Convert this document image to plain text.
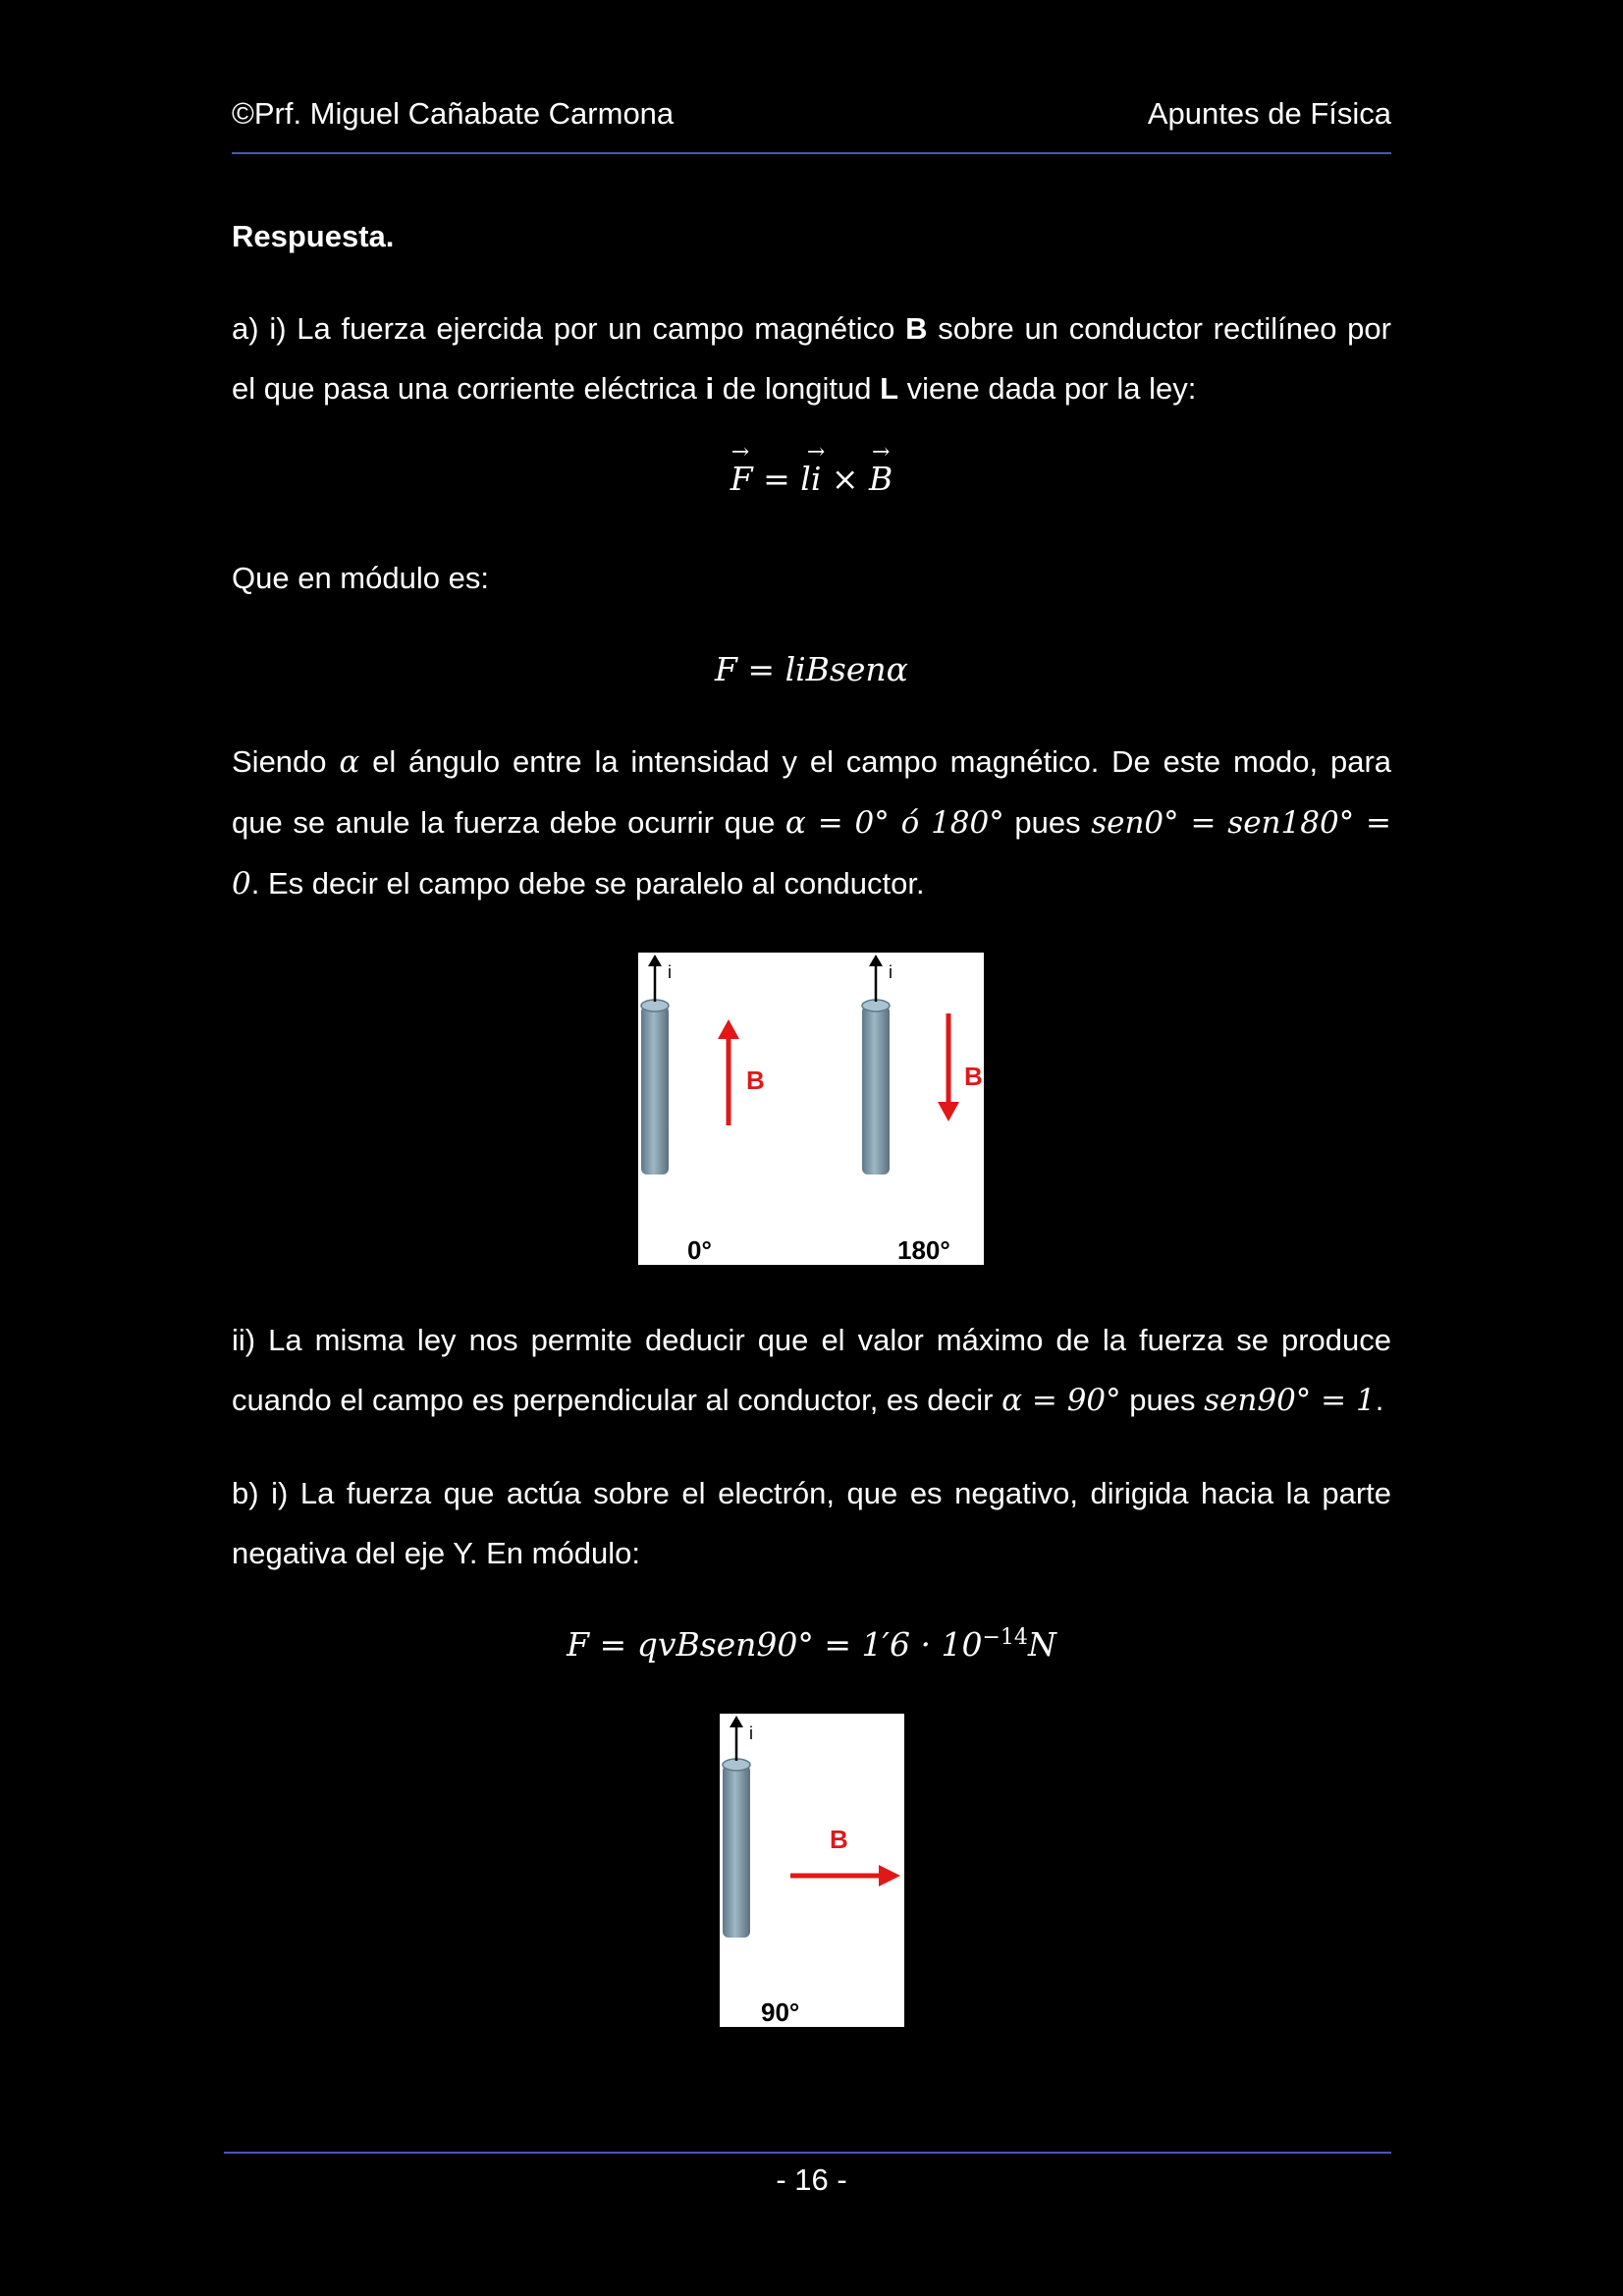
©Prf. Miguel Cañabate Carmona	Apuntes de Física
Respuesta.
a) i) La fuerza ejercida por un campo magnético B sobre un conductor rectilíneo por el que pasa una corriente eléctrica i de longitud L viene dada por la ley:
→
F = l
→
i ×
→
B
Que en módulo es:
F = liBsenα
Siendo α el ángulo entre la intensidad y el campo magnético. De este modo, para que se anule la fuerza debe ocurrir que α = 0° ó 180° pues sen0° = sen180° = 0. Es decir el campo debe se paralelo al conductor.
i
B
0°
i
B
180°
ii) La misma ley nos permite deducir que el valor máximo de la fuerza se produce cuando el campo es perpendicular al conductor, es decir α = 90° pues sen90° = 1.
b) i) La fuerza que actúa sobre el electrón, que es negativo, dirigida hacia la parte negativa del eje Y. En módulo:
F = qvBsen90° = $1'6 \cdot 10^{-14}N$
i
B
90°
- 16 -
